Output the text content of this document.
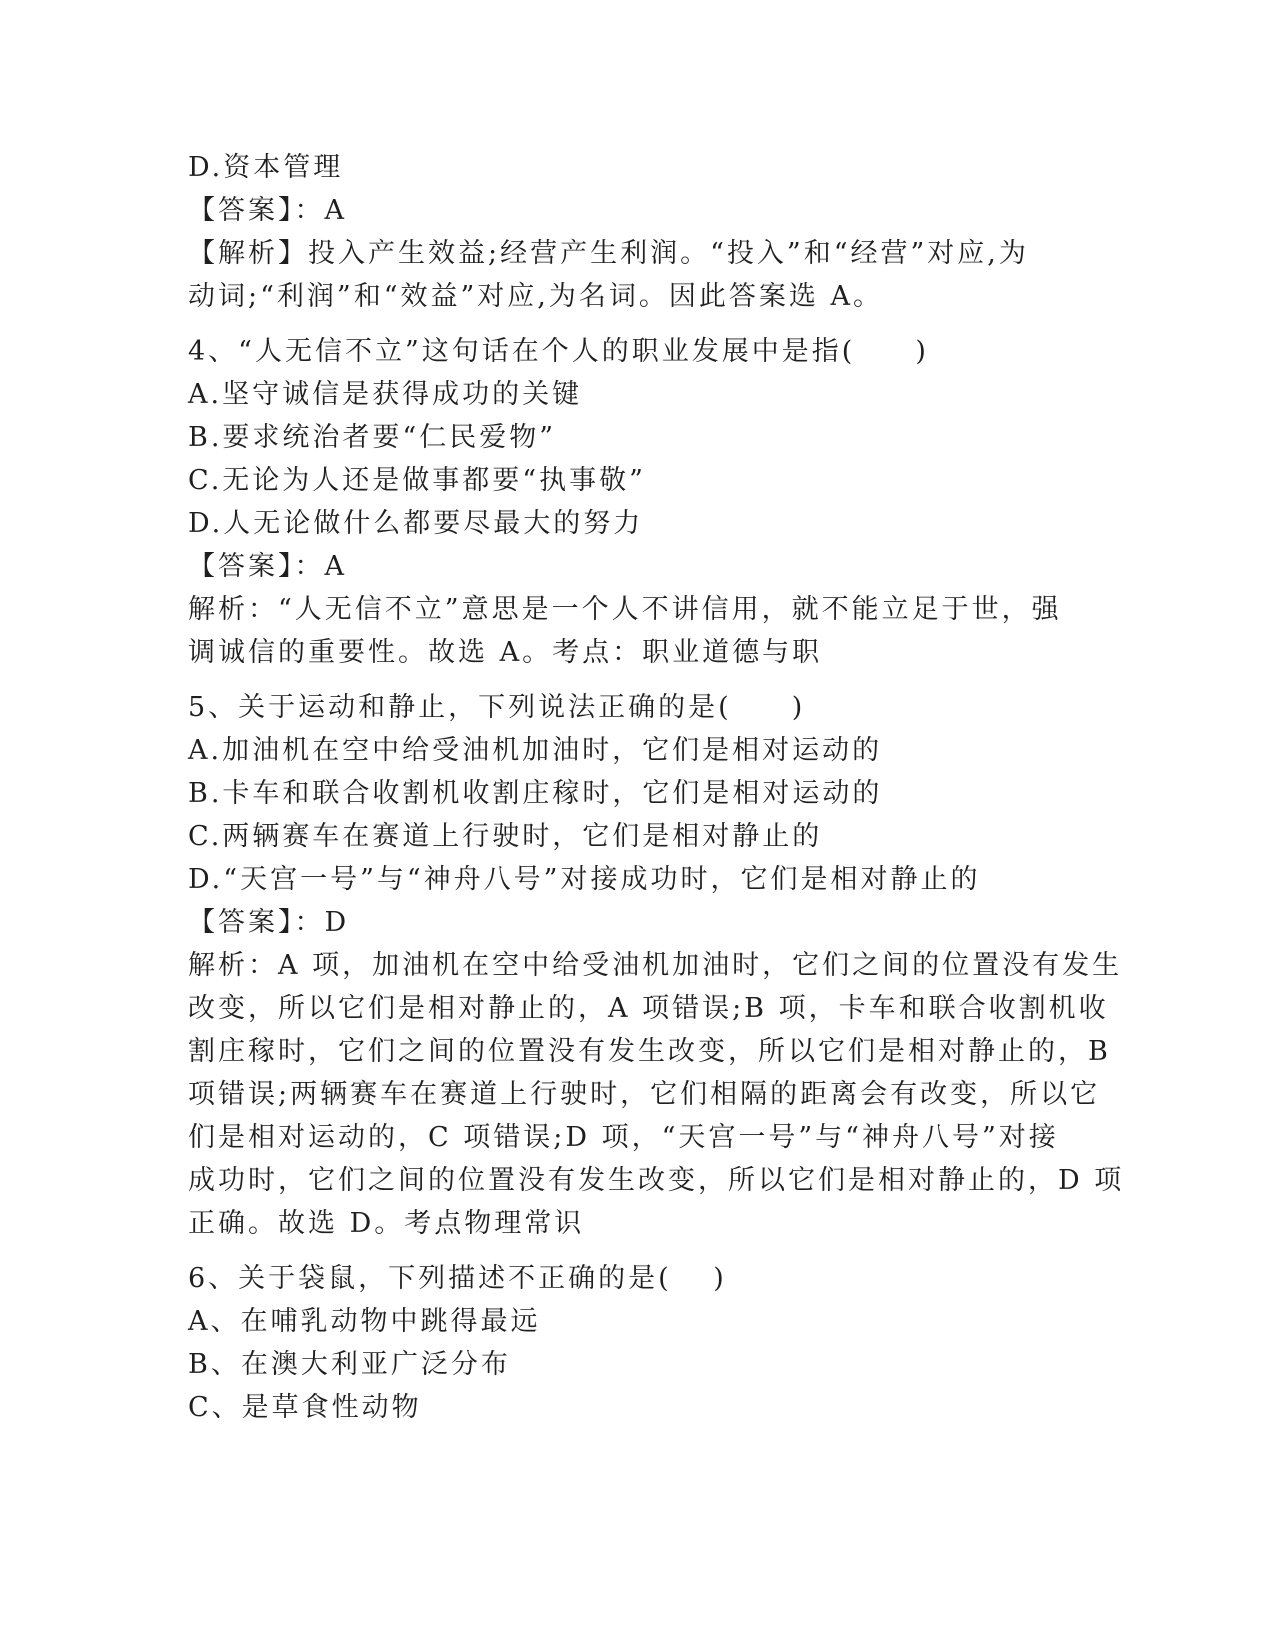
D.资本管理
【答案】：A
【解析】投入产生效益;经营产生利润。“投入”和“经营”对应,为
动词;“利润”和“效益”对应,为名词。因此答案选 A。
4、“人无信不立”这句话在个人的职业发展中是指(　　)
A.坚守诚信是获得成功的关键
B.要求统治者要“仁民爱物”
C.无论为人还是做事都要“执事敬”
D.人无论做什么都要尽最大的努力
【答案】：A
解析：“人无信不立”意思是一个人不讲信用，就不能立足于世，强
调诚信的重要性。故选 A。考点：职业道德与职
5、关于运动和静止，下列说法正确的是(　　)
A.加油机在空中给受油机加油时，它们是相对运动的
B.卡车和联合收割机收割庄稼时，它们是相对运动的
C.两辆赛车在赛道上行驶时，它们是相对静止的
D.“天宫一号”与“神舟八号”对接成功时，它们是相对静止的
【答案】：D
解析：A 项，加油机在空中给受油机加油时，它们之间的位置没有发生
改变，所以它们是相对静止的，A 项错误;B 项，卡车和联合收割机收
割庄稼时，它们之间的位置没有发生改变，所以它们是相对静止的，B
项错误;两辆赛车在赛道上行驶时，它们相隔的距离会有改变，所以它
们是相对运动的，C 项错误;D 项，“天宫一号”与“神舟八号”对接
成功时，它们之间的位置没有发生改变，所以它们是相对静止的，D 项
正确。故选 D。考点物理常识
6、关于袋鼠，下列描述不正确的是(　 )
A、在哺乳动物中跳得最远
B、在澳大利亚广泛分布
C、是草食性动物
